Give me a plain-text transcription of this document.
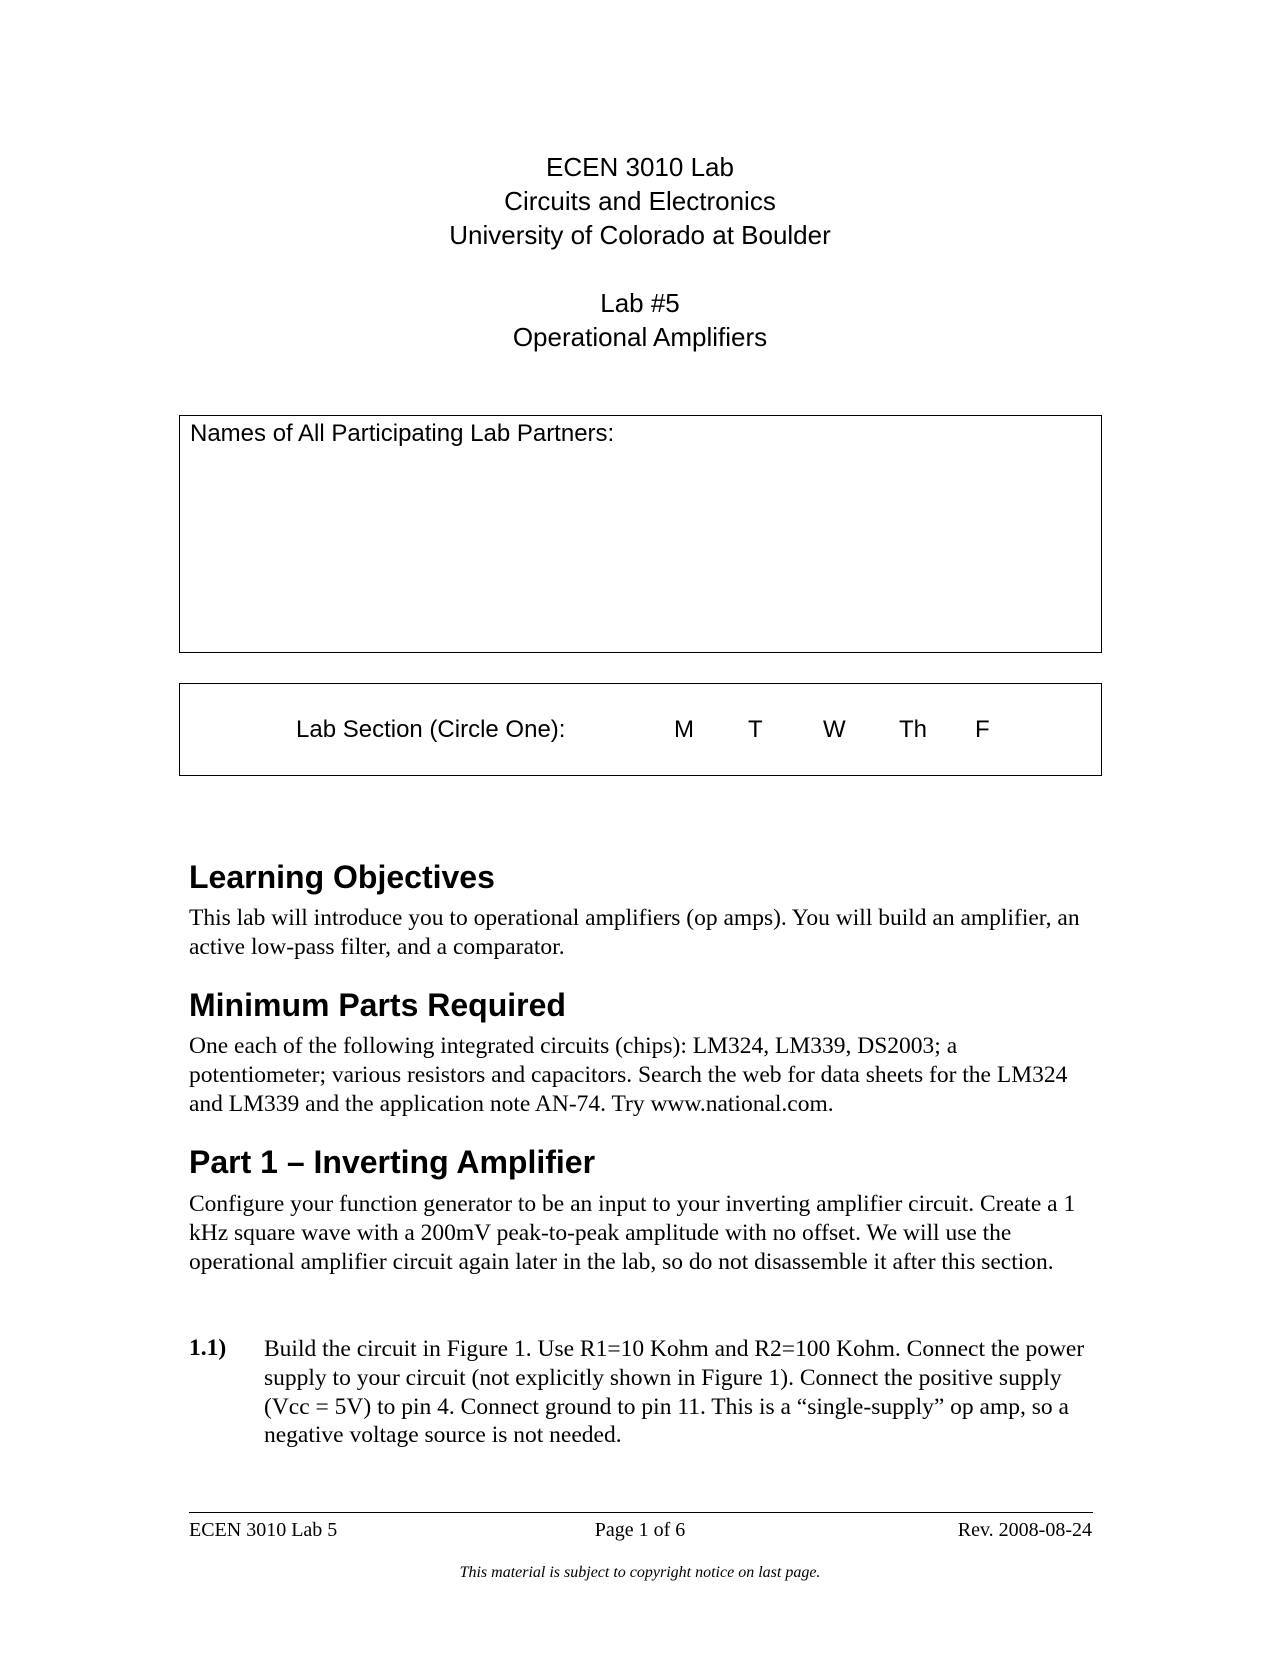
ECEN 3010 Lab
Circuits and Electronics
University of Colorado at Boulder
Lab #5
Operational Amplifiers
Names of All Participating Lab Partners:
Lab Section (Circle One):	M T	W Th F
Learning Objectives
This lab will introduce you to operational amplifiers (op amps). You will build an amplifier, an active low-pass filter, and a comparator.
Minimum Parts Required
One each of the following integrated circuits (chips): LM324, LM339, DS2003; a potentiometer; various resistors and capacitors. Search the web for data sheets for the LM324 and LM339 and the application note AN-74. Try www.national.com.
Part 1 – Inverting Amplifier
Configure your function generator to be an input to your inverting amplifier circuit. Create a 1 kHz square wave with a 200mV peak-to-peak amplitude with no offset. We will use the operational amplifier circuit again later in the lab, so do not disassemble it after this section.
1.1) Build the circuit in Figure 1. Use R1=10 Kohm and R2=100 Kohm. Connect the power supply to your circuit (not explicitly shown in Figure 1). Connect the positive supply (Vcc = 5V) to pin 4. Connect ground to pin 11. This is a “single-supply” op amp, so a negative voltage source is not needed.
ECEN 3010 Lab 5	Page 1 of 6	Rev. 2008-08-24
This material is subject to copyright notice on last page.
